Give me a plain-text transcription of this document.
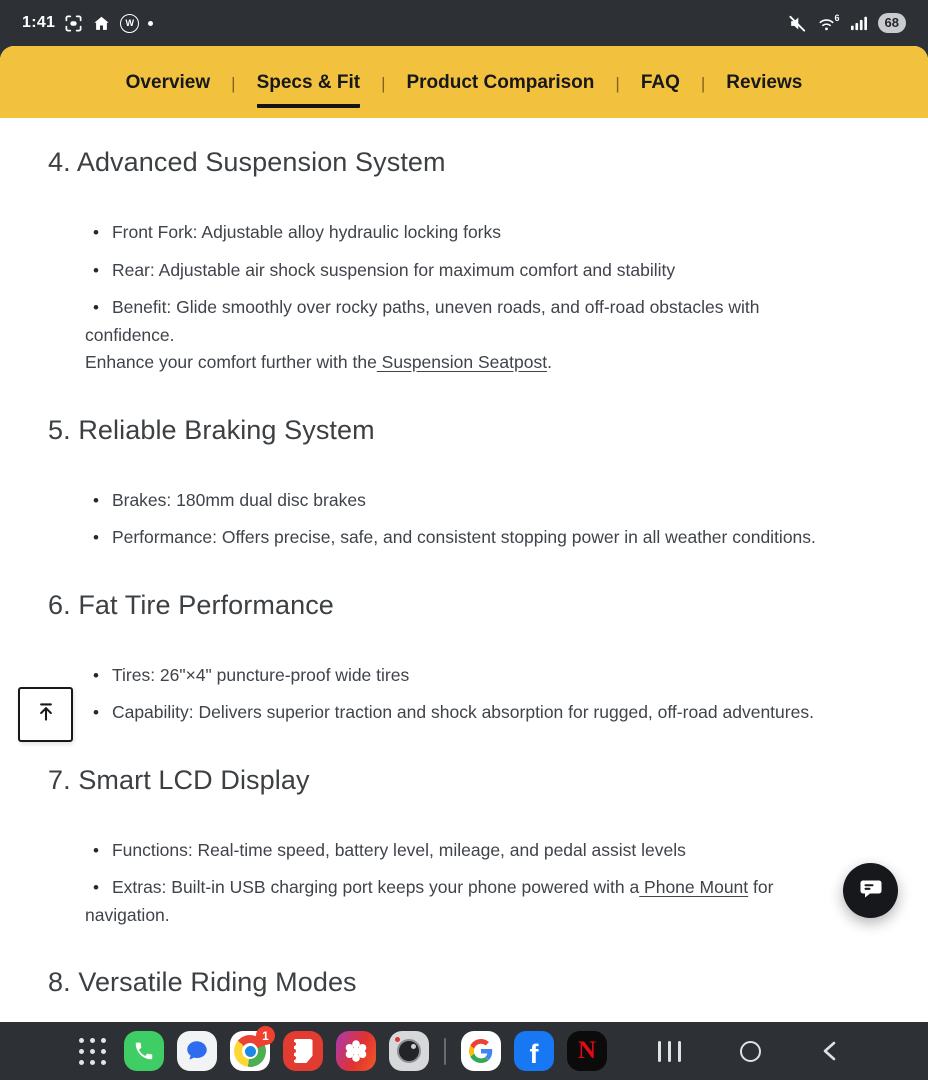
1:41	W
6	68
Overview	|	Specs & Fit	|	Product Comparison	|	FAQ	|	Reviews
4. Advanced Suspension System
• Front Fork: Adjustable alloy hydraulic locking forks
• Rear: Adjustable air shock suspension for maximum comfort and stability
• Benefit: Glide smoothly over rocky paths, uneven roads, and off-road obstacles with confidence.

Enhance your comfort further with the Suspension Seatpost.

5. Reliable Braking System
• Brakes: 180mm dual disc brakes
• Performance: Offers precise, safe, and consistent stopping power in all weather conditions.
6. Fat Tire Performance
• Tires: 26"×4" puncture-proof wide tires
• Capability: Delivers superior traction and shock absorption for rugged, off-road adventures.
7. Smart LCD Display
• Functions: Real-time speed, battery level, mileage, and pedal assist levels
• Extras: Built-in USB charging port keeps your phone powered with a Phone Mount for navigation.
8. Versatile Riding Modes
1
f N
